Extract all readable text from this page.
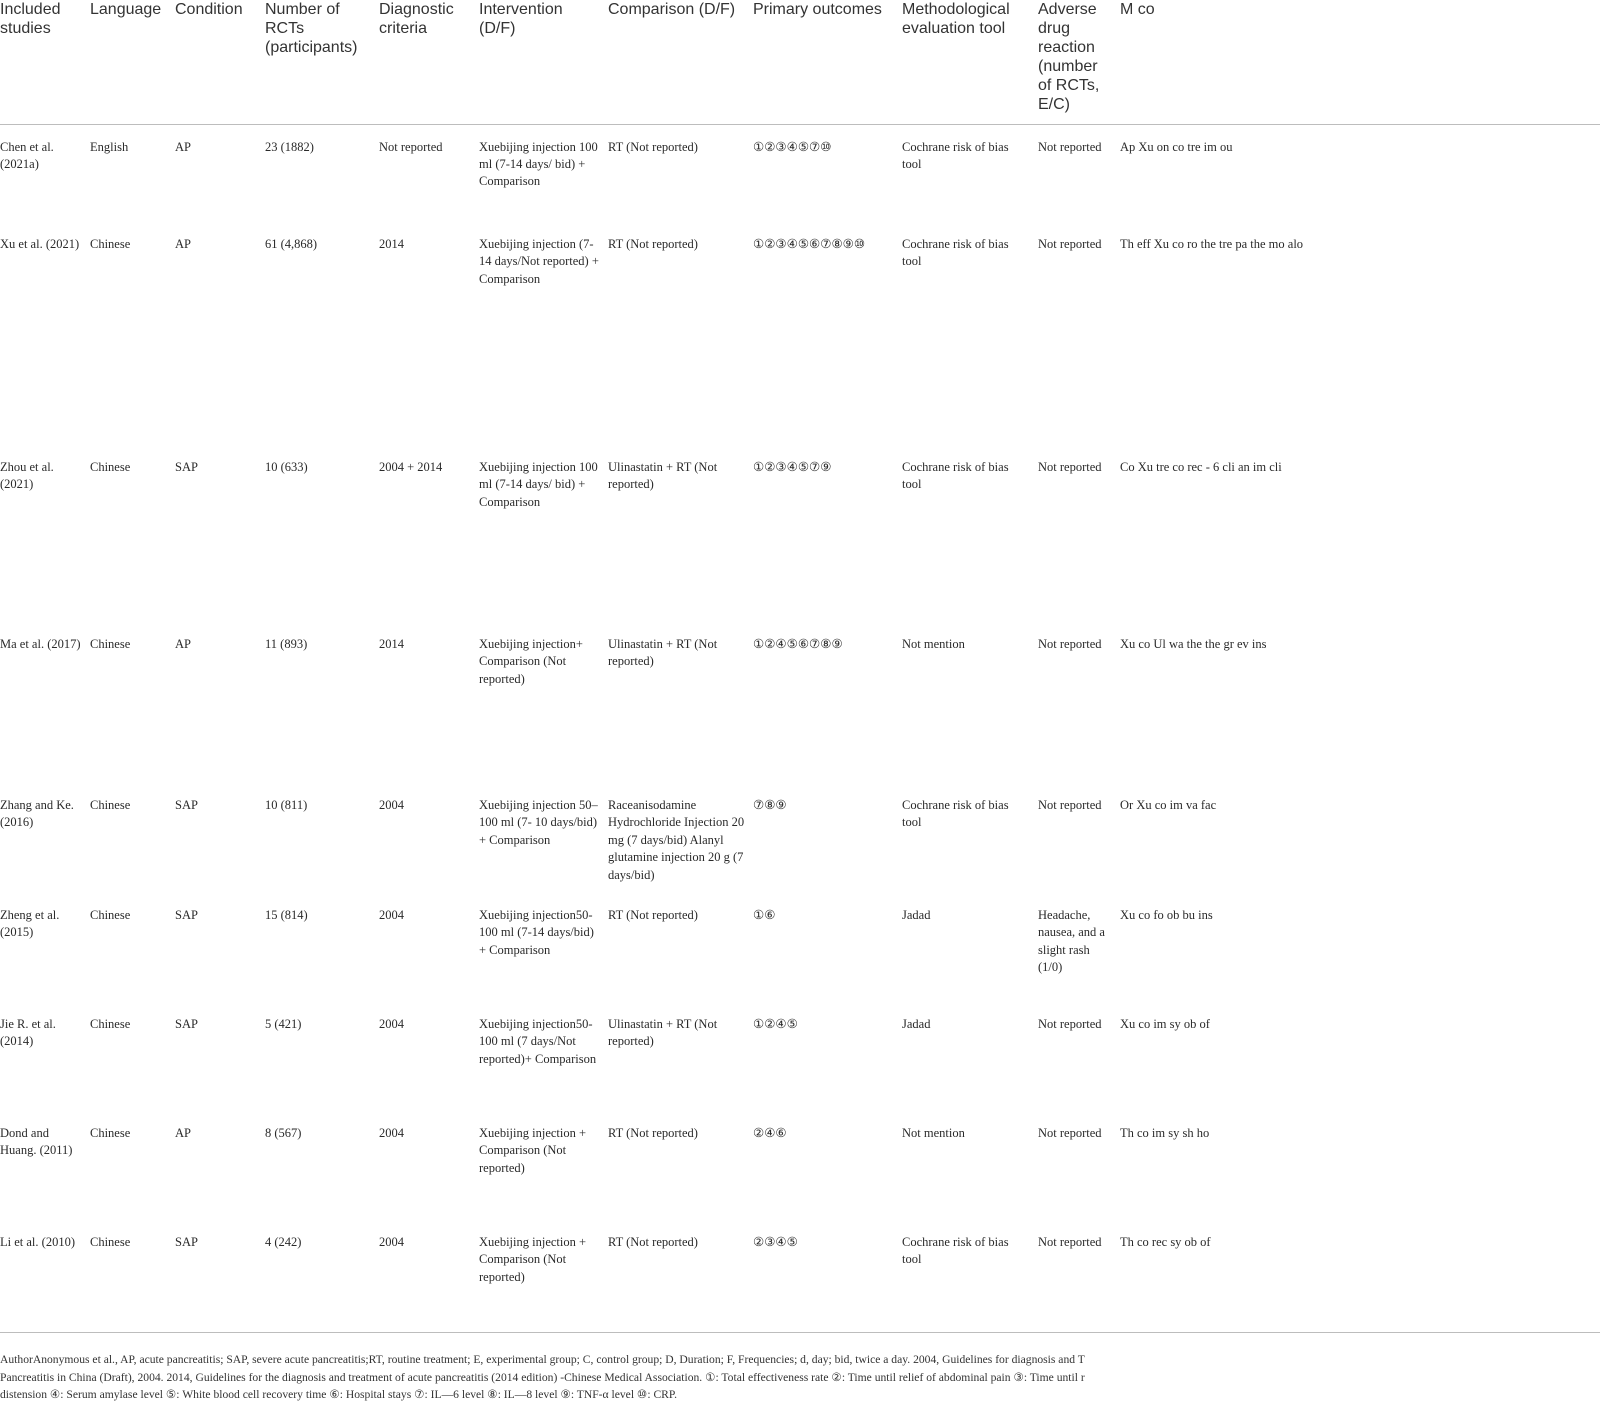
Included studies	Language	Condition	Number of RCTs (participants)	Diagnostic criteria	Intervention (D/F)	Comparison (D/F)	Primary outcomes	Methodological evaluation tool	Adverse drug reaction (number of RCTs, E/C)	M co
Chen et al. (2021a)	English	AP	23 (1882)	Not reported	Xuebijing injection 100 ml (7-14 days/ bid) + Comparison	RT (Not reported)	①②③④⑤⑦⑩	Cochrane risk of bias tool	Not reported	Ap Xu on co tre im ou
Xu et al. (2021)	Chinese	AP	61 (4,868)	2014	Xuebijing injection (7-14 days/Not reported) + Comparison	RT (Not reported)	①②③④⑤⑥⑦⑧⑨⑩	Cochrane risk of bias tool	Not reported	Th eff Xu co ro the tre pa the mo alo
Zhou et al. (2021)	Chinese	SAP	10 (633)	2004 + 2014	Xuebijing injection 100 ml (7-14 days/ bid) + Comparison	Ulinastatin + RT (Not reported)	①②③④⑤⑦⑨	Cochrane risk of bias tool	Not reported	Co Xu tre co rec - 6 cli an im cli
Ma et al. (2017)	Chinese	AP	11 (893)	2014	Xuebijing injection+ Comparison (Not reported)	Ulinastatin + RT (Not reported)	①②④⑤⑥⑦⑧⑨	Not mention	Not reported	Xu co Ul wa the the gr ev ins
Zhang and Ke. (2016)	Chinese	SAP	10 (811)	2004	Xuebijing injection 50–100 ml (7- 10 days/bid) + Comparison	Raceanisodamine Hydrochloride Injection 20 mg (7 days/bid) Alanyl glutamine injection 20 g (7 days/bid)	⑦⑧⑨	Cochrane risk of bias tool	Not reported	Or Xu co im va fac
Zheng et al. (2015)	Chinese	SAP	15 (814)	2004	Xuebijing injection50-100 ml (7-14 days/bid) + Comparison	RT (Not reported)	①⑥	Jadad	Headache, nausea, and a slight rash (1/0)	Xu co fo ob bu ins
Jie R. et al. (2014)	Chinese	SAP	5 (421)	2004	Xuebijing injection50-100 ml (7 days/Not reported)+ Comparison	Ulinastatin + RT (Not reported)	①②④⑤	Jadad	Not reported	Xu co im sy ob of
Dond and Huang. (2011)	Chinese	AP	8 (567)	2004	Xuebijing injection + Comparison (Not reported)	RT (Not reported)	②④⑥	Not mention	Not reported	Th co im sy sh ho
Li et al. (2010)	Chinese	SAP	4 (242)	2004	Xuebijing injection + Comparison (Not reported)	RT (Not reported)	②③④⑤	Cochrane risk of bias tool	Not reported	Th co rec sy ob of
AuthorAnonymous et al., AP, acute pancreatitis; SAP, severe acute pancreatitis;RT, routine treatment; E, experimental group; C, control group; D, Duration; F, Frequencies; d, day; bid, twice a day. 2004, Guidelines for diagnosis and T
Pancreatitis in China (Draft), 2004. 2014, Guidelines for the diagnosis and treatment of acute pancreatitis (2014 edition) -Chinese Medical Association. ①: Total effectiveness rate ②: Time until relief of abdominal pain ③: Time until r
distension ④: Serum amylase level ⑤: White blood cell recovery time ⑥: Hospital stays ⑦: IL—6 level ⑧: IL—8 level ⑨: TNF-α level ⑩: CRP.
